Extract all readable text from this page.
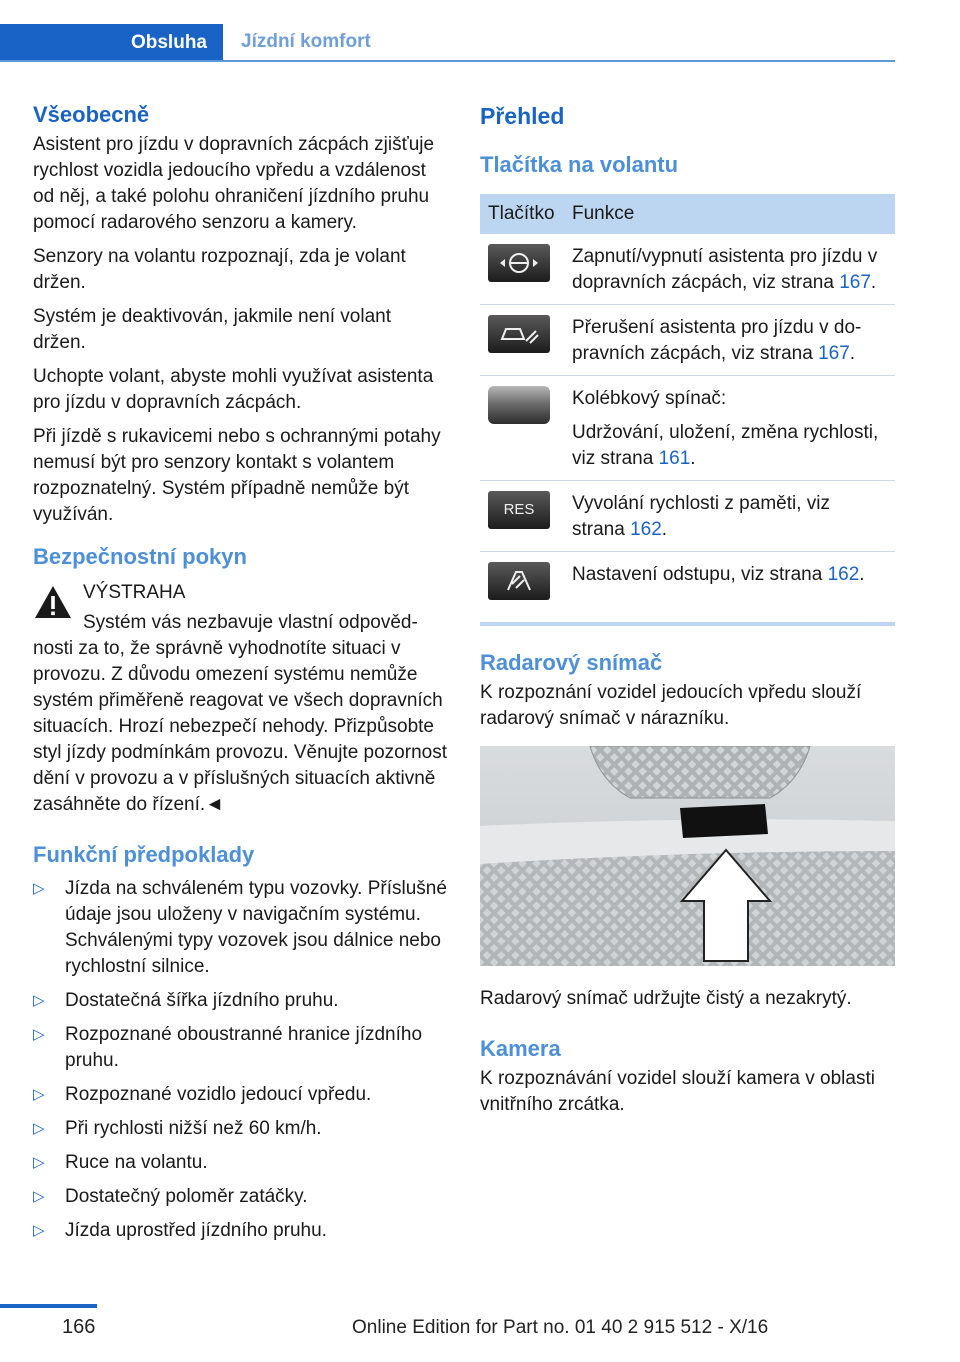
Obsluha	Jízdní komfort
Všeobecně

Asistent pro jízdu v dopravních zácpách zjišťuje rychlost vozidla jedoucího vpředu a vzdálenost od něj, a také polohu ohraničení jízdního pruhu pomocí radarového senzoru a kamery.

Senzory na volantu rozpoznají, zda je volant držen.

Systém je deaktivován, jakmile není volant držen.

Uchopte volant, abyste mohli využívat asistenta pro jízdu v dopravních zácpách.

Při jízdě s rukavicemi nebo s ochrannými potahy nemusí být pro senzory kontakt s volantem rozpoznatelný. Systém případně nemůže být využíván.

Bezpečnostní pokyn
VÝSTRAHA
Systém vás nezbavuje vlastní odpovědnosti za to, že správně vyhodnotíte situaci v provozu. Z důvodu omezení systému nemůže systém přiměřeně reagovat ve všech dopravních situacích. Hrozí nebezpečí nehody. Přizpůsobte styl jízdy podmínkám provozu. Věnujte pozornost dění v provozu a v příslušných situacích aktivně zasáhněte do řízení.◄
Funkční předpoklady
▷ Jízda na schváleném typu vozovky. Příslušné údaje jsou uloženy v navigačním systému. Schválenými typy vozovek jsou dálnice nebo rychlostní silnice.
▷ Dostatečná šířka jízdního pruhu.
▷ Rozpoznané oboustranné hranice jízdního pruhu.
▷ Rozpoznané vozidlo jedoucí vpředu.
▷ Při rychlosti nižší než 60 km/h.
▷ Ruce na volantu.
▷ Dostatečný poloměr zatáčky.
▷ Jízda uprostřed jízdního pruhu.
Přehled
Tlačítka na volantu
Tlačítko	Funkce

	Zapnutí/vypnutí asistenta pro jízdu v dopravních zácpách, viz strana 167.

	Přerušení asistenta pro jízdu v dopravních zácpách, viz strana 167.

	Kolébkový spínač:
Udržování, uložení, změna rychlosti, viz strana 161.

RES	Vyvolání rychlosti z paměti, viz strana 162.

	Nastavení odstupu, viz strana 162.
Radarový snímač

K rozpoznání vozidel jedoucích vpředu slouží radarový snímač v nárazníku.

Radarový snímač udržujte čistý a nezakrytý.

Kamera

K rozpoznávání vozidel slouží kamera v oblasti vnitřního zrcátka.

166	Online Edition for Part no. 01 40 2 915 512 - X/16
